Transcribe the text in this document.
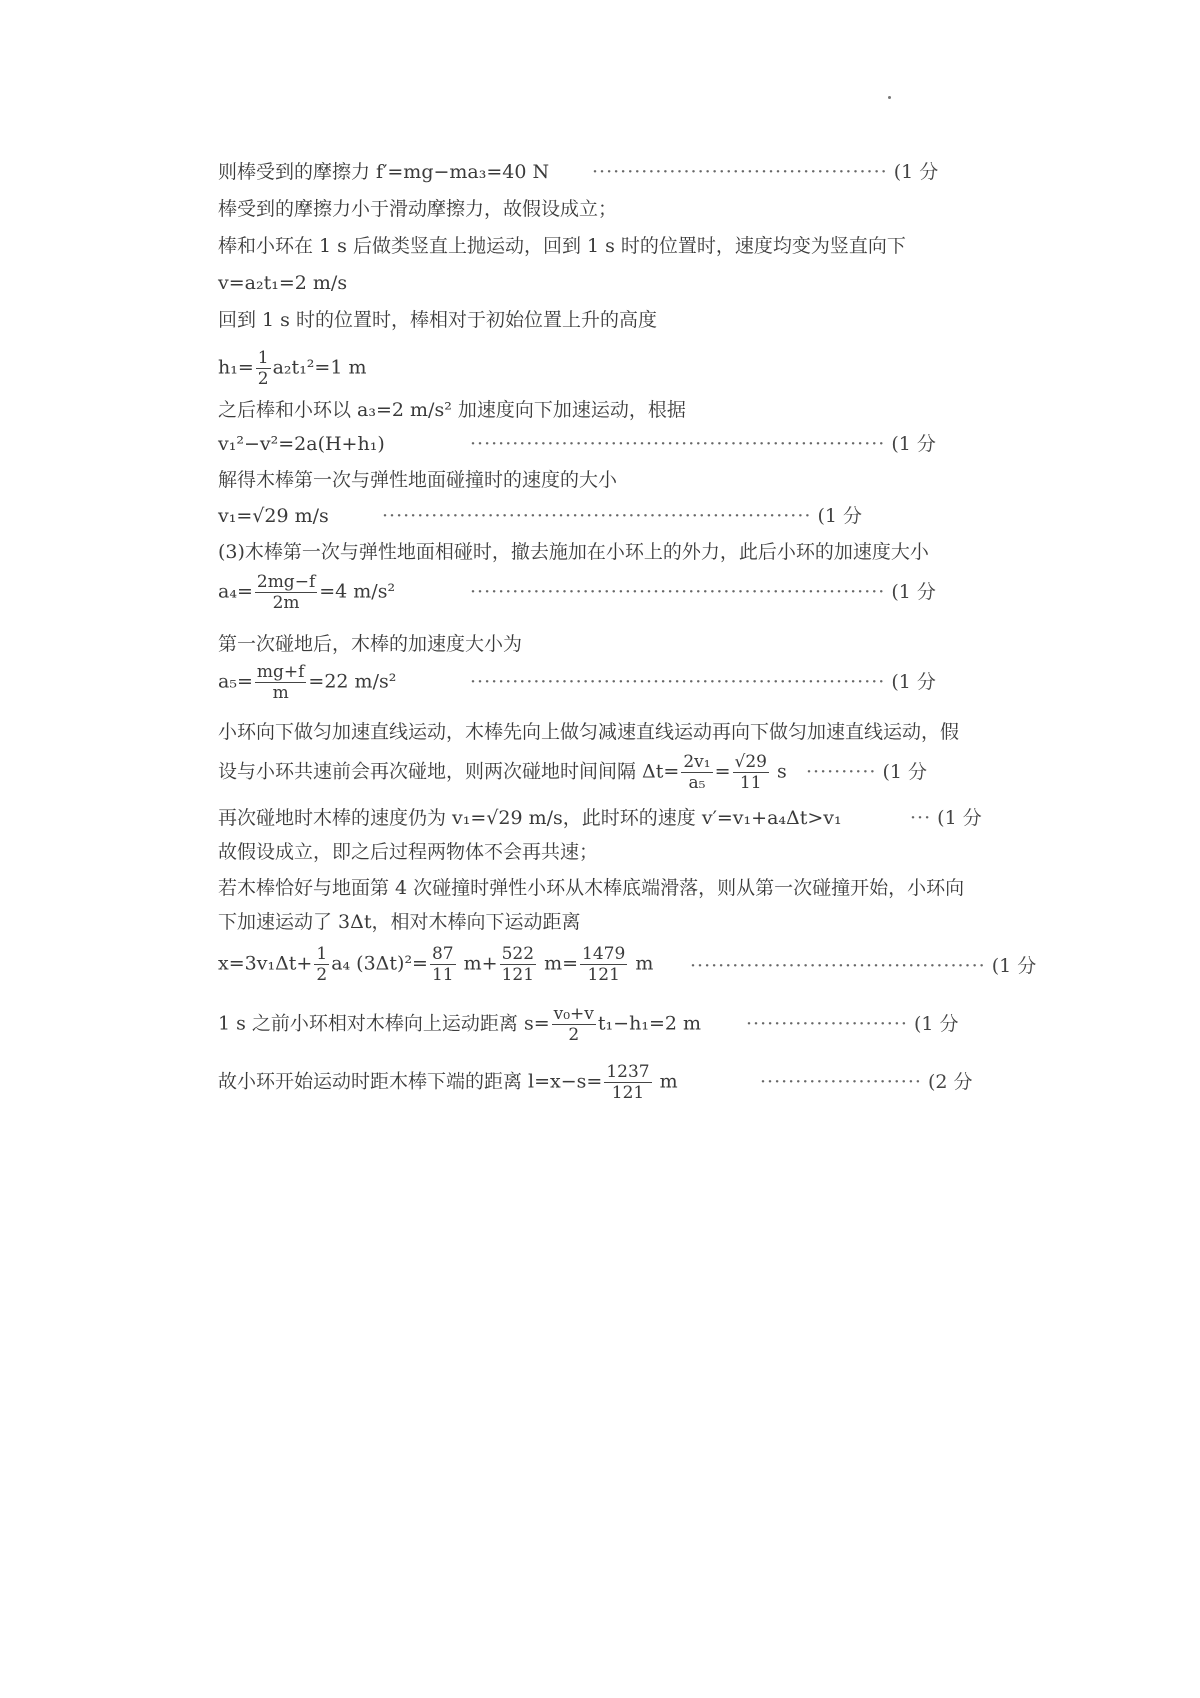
则棒受到的摩擦力 f′=mg−ma₃=40 N ·········································· (1 分
棒受到的摩擦力小于滑动摩擦力，故假设成立；
棒和小环在 1 s 后做类竖直上抛运动，回到 1 s 时的位置时，速度均变为竖直向下
v=a₂t₁=2 m/s
回到 1 s 时的位置时，棒相对于初始位置上升的高度
$h_1= \frac{1}{2} a_2t_1^2=1$ m
之后棒和小环以 a₃=2 m/s² 加速度向下加速运动，根据
v₁²−v²=2a(H+h₁)	··························································· (1 分
解得木棒第一次与弹性地面碰撞时的速度的大小
v₁=√29 m/s	····························································· (1 分
(3)木棒第一次与弹性地面相碰时，撤去施加在小环上的外力，此后小环的加速度大小
$a_4= \frac{2mg-f}{2m} =4$ m/s²	··························································· (1 分
第一次碰地后，木棒的加速度大小为
$a_5= \frac{mg+f}{m} =22$ m/s²	··························································· (1 分
小环向下做匀加速直线运动，木棒先向上做匀减速直线运动再向下做匀加速直线运动，假
设与小环共速前会再次碰地，则两次碰地时间间隔 $\Delta t= \frac{\text{2v₁}}{\text{a₅}} = \frac{√29}{11}$ s ·········· (1 分
再次碰地时木棒的速度仍为 v₁=√29 m/s，此时环的速度 v′=v₁+a₄Δt>v₁	··· (1 分
故假设成立，即之后过程两物体不会再共速；
若木棒恰好与地面第 4 次碰撞时弹性小环从木棒底端滑落，则从第一次碰撞开始，小环向
下加速运动了 3Δt，相对木棒向下运动距离
$x=3v_1\Delta t+ \frac{1}{2} a_4$ $(3\Delta t)^2= \frac{87}{11} m+ \frac{522}{121} m= \frac{1479}{121}$ m ·········································· (1 分
1 s 之前小环相对木棒向上运动距离 $s= \frac{\text{v₀+v}}{2} t_1-h_1=2$ m ······················· (1 分
故小环开始运动时距木棒下端的距离 $l=x-s= \frac{1237}{121}$ m	······················· (2 分
